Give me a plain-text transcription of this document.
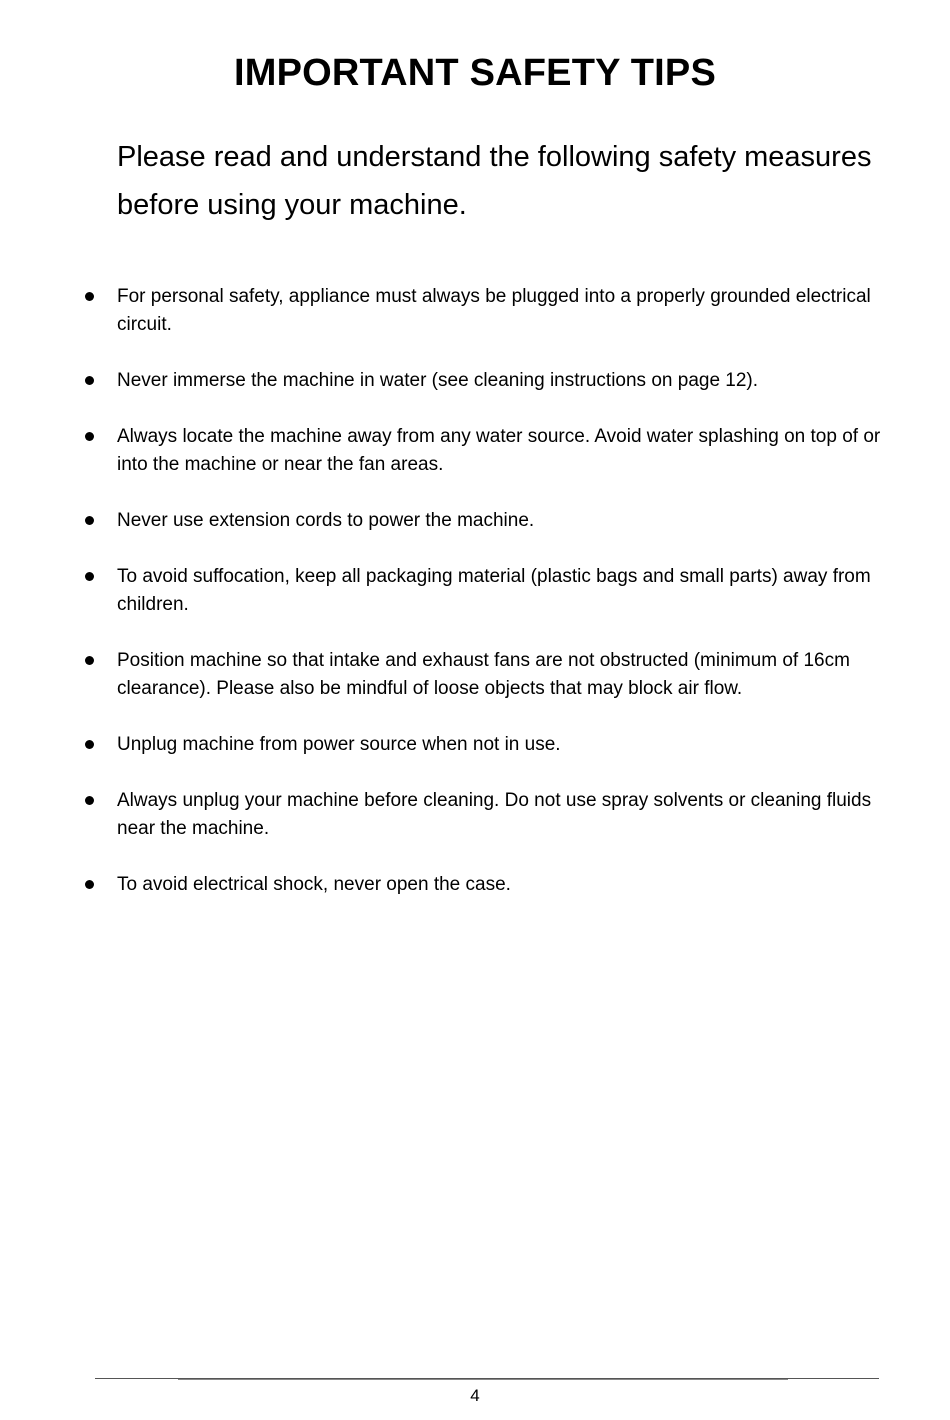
IMPORTANT SAFETY TIPS

Please read and understand the following safety measures before using your machine.

For personal safety, appliance must always be plugged into a properly grounded electrical circuit.
Never immerse the machine in water (see cleaning instructions on page 12).
Always locate the machine away from any water source. Avoid water splashing on top of or into the machine or near the fan areas.
Never use extension cords to power the machine.
To avoid suffocation, keep all packaging material (plastic bags and small parts) away from children.
Position machine so that intake and exhaust fans are not obstructed (minimum of 16cm clearance). Please also be mindful of loose objects that may block air flow.
Unplug machine from power source when not in use.
Always unplug your machine before cleaning. Do not use spray solvents or cleaning fluids near the machine.
To avoid electrical shock, never open the case.
4
